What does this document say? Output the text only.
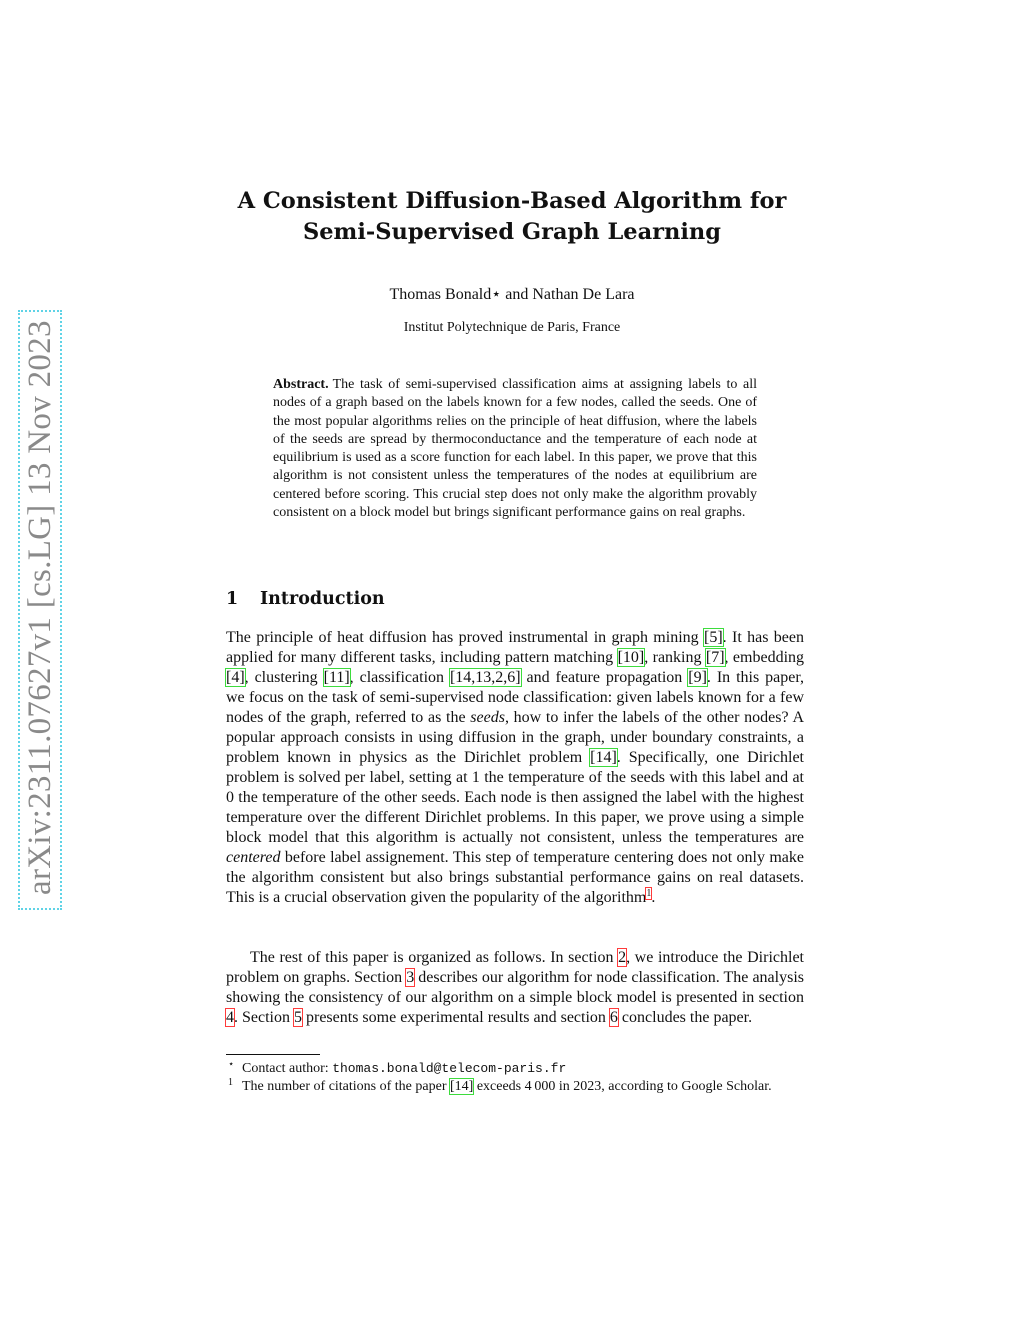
arXiv:2311.07627v1 [cs.LG] 13 Nov 2023
A Consistent Diffusion-Based Algorithm for
Semi-Supervised Graph Learning
Thomas Bonald⋆ and Nathan De Lara
Institut Polytechnique de Paris, France
Abstract. The task of semi-supervised classification aims at assigning labels to all nodes of a graph based on the labels known for a few nodes, called the seeds. One of the most popular algorithms relies on the principle of heat diffusion, where the labels of the seeds are spread by thermoconductance and the temperature of each node at equilibrium is used as a score function for each label. In this paper, we prove that this algorithm is not consistent unless the temperatures of the nodes at equilibrium are centered before scoring. This crucial step does not only make the algorithm provably consistent on a block model but brings significant performance gains on real graphs.
1 Introduction

The principle of heat diffusion has proved instrumental in graph mining [5]. It has been applied for many different tasks, including pattern matching [10], ranking [7], embedding [4], clustering [11], classification [14,13,2,6] and feature propagation [9]. In this paper, we focus on the task of semi-supervised node classification: given labels known for a few nodes of the graph, referred to as the seeds, how to infer the labels of the other nodes? A popular approach consists in using diffusion in the graph, under boundary constraints, a problem known in physics as the Dirichlet problem [14]. Specifically, one Dirichlet problem is solved per label, setting at 1 the temperature of the seeds with this label and at 0 the temperature of the other seeds. Each node is then assigned the label with the highest temperature over the different Dirichlet problems. In this paper, we prove using a simple block model that this algorithm is actually not consistent, unless the temperatures are centered before label assignement. This step of temperature centering does not only make the algorithm consistent but also brings substantial performance gains on real datasets. This is a crucial observation given the popularity of the algorithm$^1$.

The rest of this paper is organized as follows. In section 2, we introduce the Dirichlet problem on graphs. Section 3 describes our algorithm for node classification. The analysis showing the consistency of our algorithm on a simple block model is presented in section 4. Section 5 presents some experimental results and section 6 concludes the paper.

⋆ Contact author: thomas.bonald@telecom-paris.fr
1 The number of citations of the paper [14] exceeds 4 000 in 2023, according to Google Scholar.
